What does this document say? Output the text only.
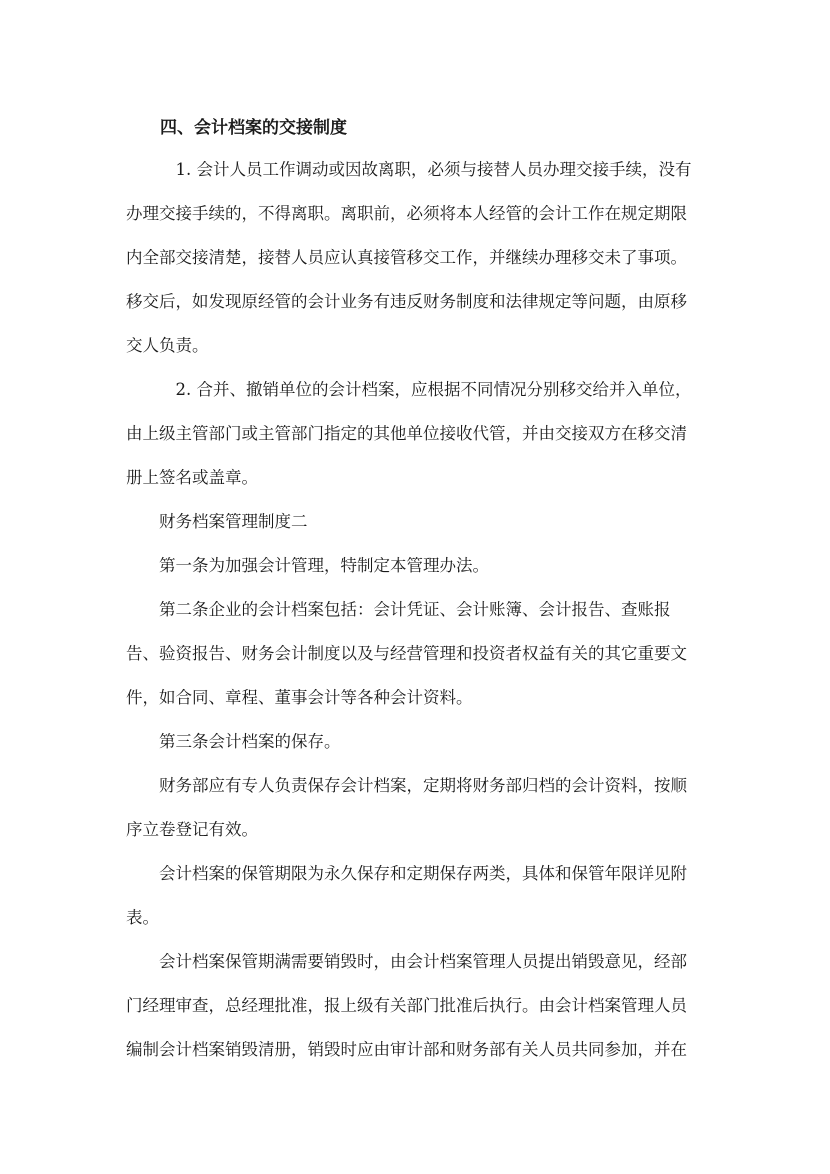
四、会计档案的交接制度
1. 会计人员工作调动或因故离职，必须与接替人员办理交接手续，没有
办理交接手续的，不得离职。离职前，必须将本人经管的会计工作在规定期限
内全部交接清楚，接替人员应认真接管移交工作，并继续办理移交未了事项。
移交后，如发现原经管的会计业务有违反财务制度和法律规定等问题，由原移
交人负责。
2. 合并、撤销单位的会计档案，应根据不同情况分别移交给并入单位，
由上级主管部门或主管部门指定的其他单位接收代管，并由交接双方在移交清
册上签名或盖章。
财务档案管理制度二
第一条为加强会计管理，特制定本管理办法。
第二条企业的会计档案包括：会计凭证、会计账簿、会计报告、查账报
告、验资报告、财务会计制度以及与经营管理和投资者权益有关的其它重要文
件，如合同、章程、董事会计等各种会计资料。
第三条会计档案的保存。
财务部应有专人负责保存会计档案，定期将财务部归档的会计资料，按顺
序立卷登记有效。
会计档案的保管期限为永久保存和定期保存两类，具体和保管年限详见附
表。
会计档案保管期满需要销毁时，由会计档案管理人员提出销毁意见，经部
门经理审查，总经理批准，报上级有关部门批准后执行。由会计档案管理人员
编制会计档案销毁清册，销毁时应由审计部和财务部有关人员共同参加，并在
